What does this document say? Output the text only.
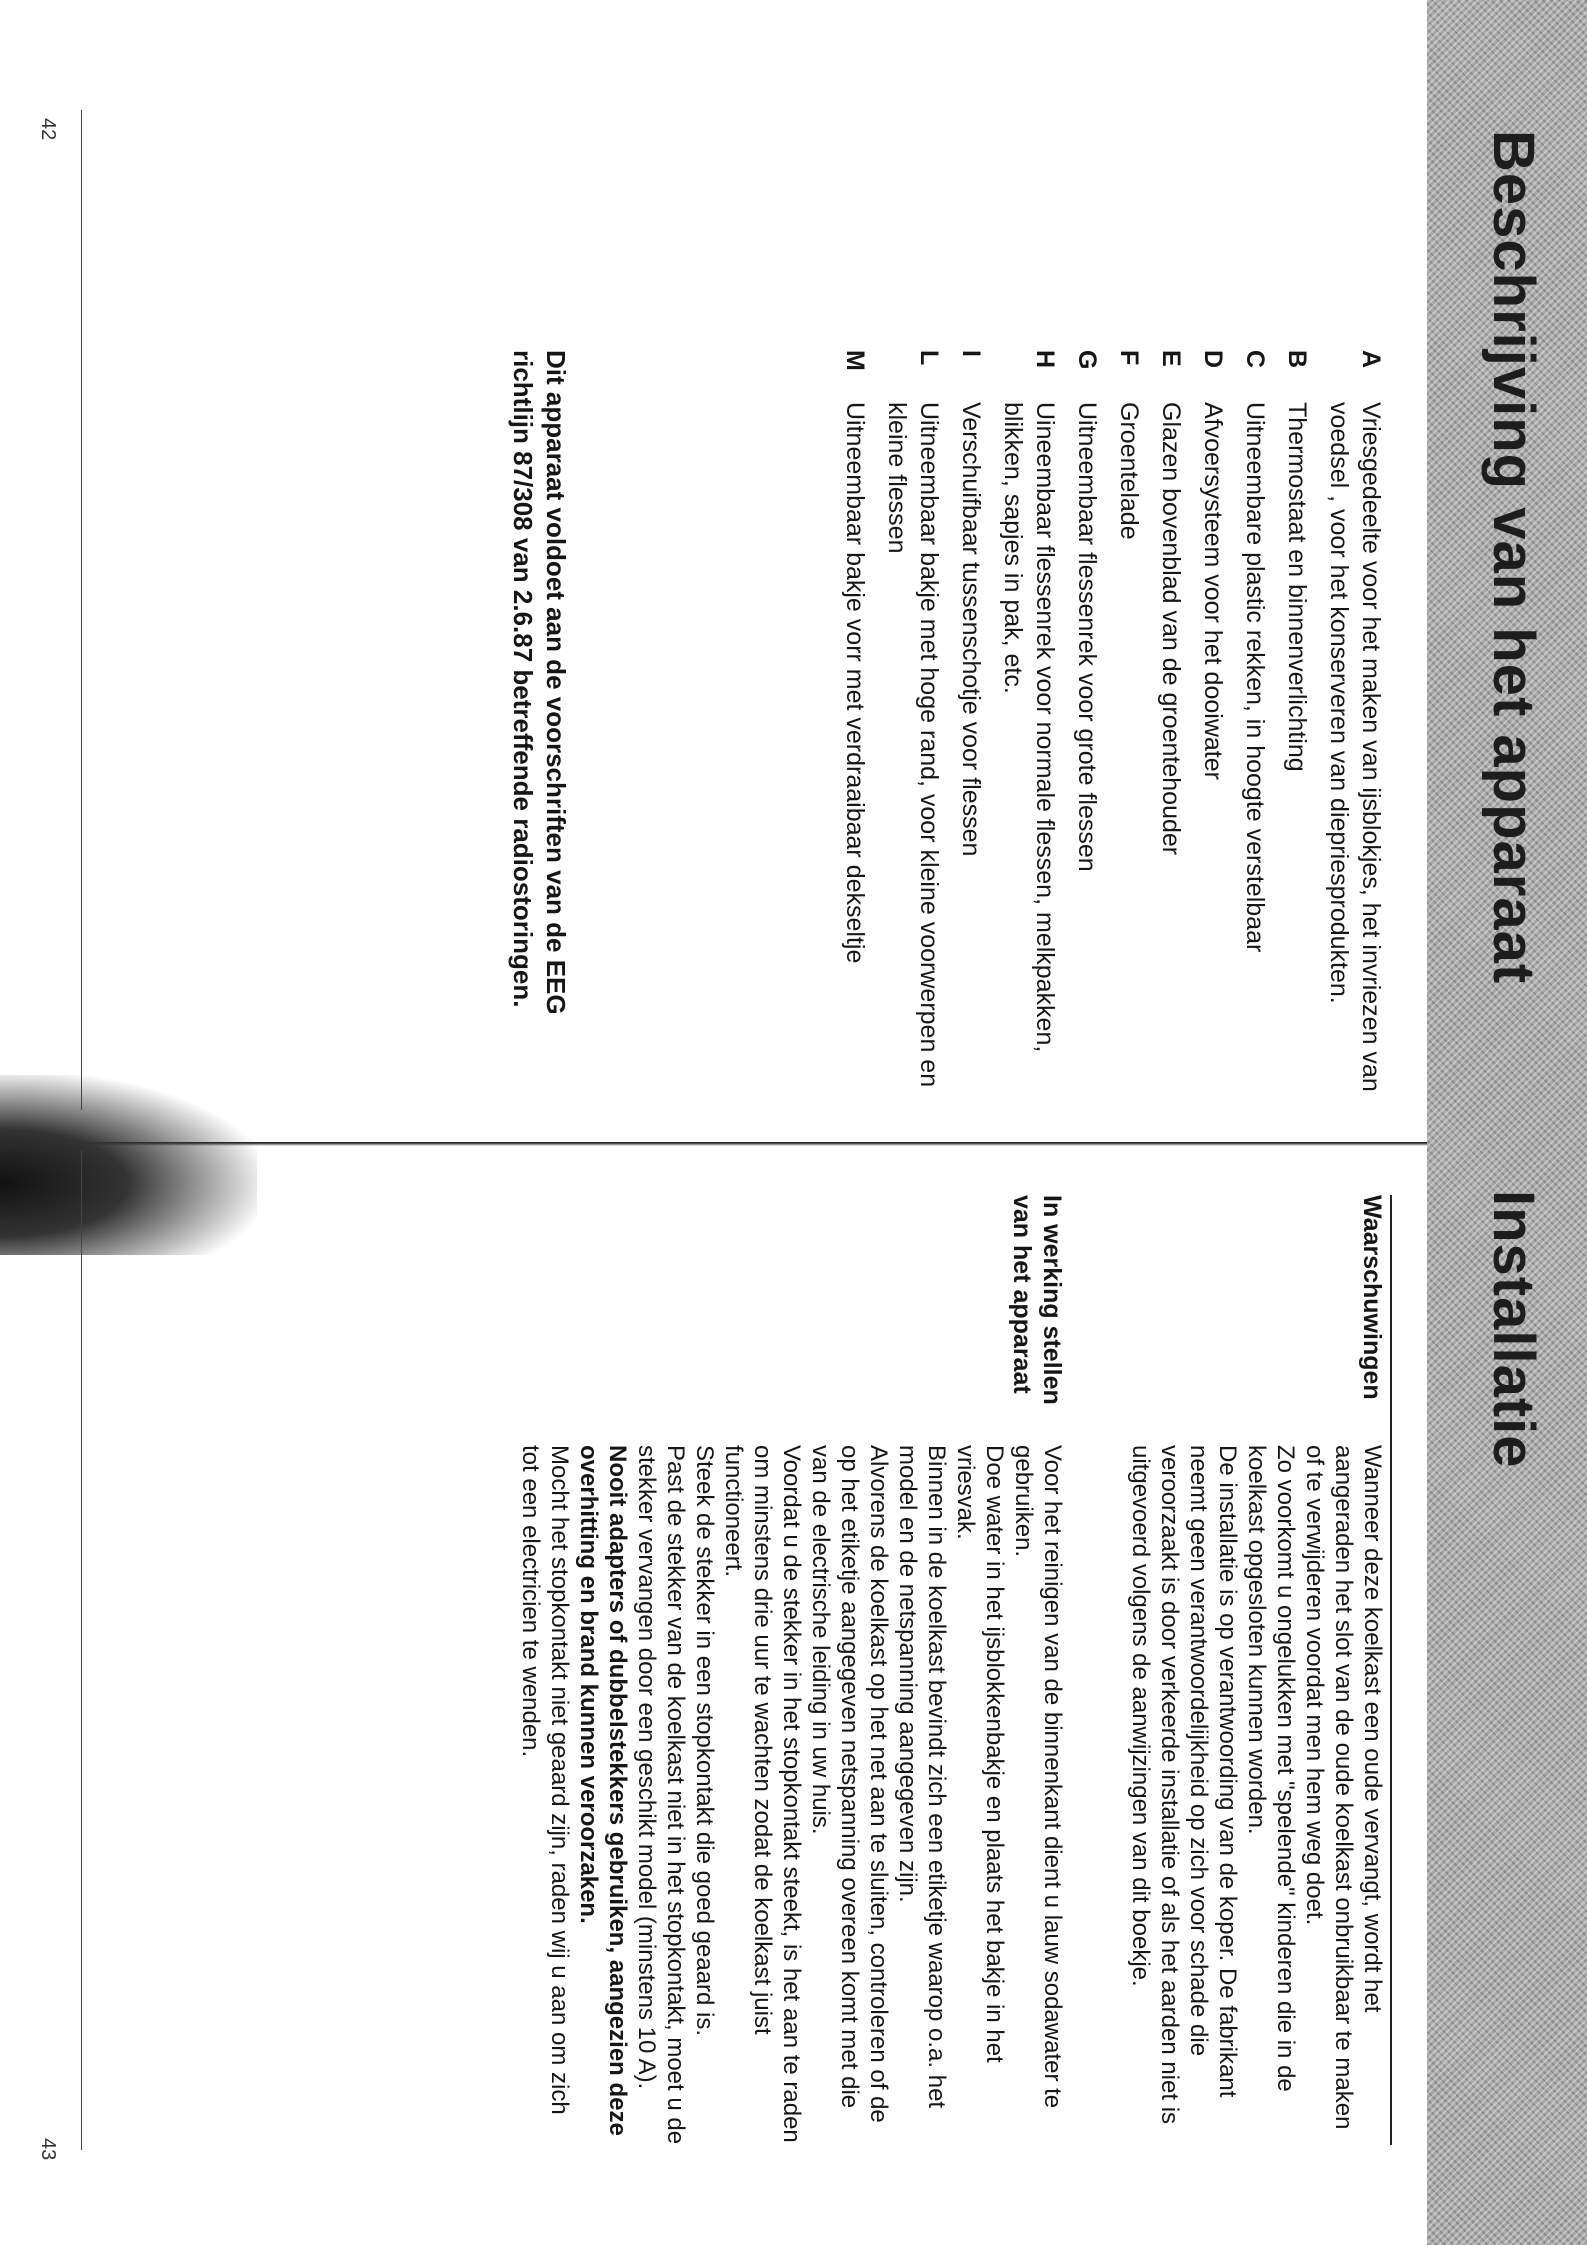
Beschrijving van het apparaat
Installatie
A
Vriesgedeelte voor het maken van ijsblokjes, het invriezen van voedsel , voor het konserveren van diepriesprodukten.
B
Thermostaat en binnenverlichting
C
Uitneembare plastic rekken, in hoogte verstelbaar
D
Afvoersysteem voor het dooiwater
E
Glazen bovenblad van de groentehouder
F
Groentelade
G
Uitneembaar flessenrek voor grote flessen
H
Uineembaar flessenrek voor normale flessen, melkpakken, blikken, sapjes in pak, etc.
I
Verschuifbaar tussenschotje voor flessen
L
Uitneembaar bakje met hoge rand, voor kleine voorwerpen en kleine flessen
M
Uitneembaar bakje vorr met verdraaibaar dekseltje
Dit apparaat voldoet aan de voorschriften van de EEG richtlijn 87/308 van 2.6.87 betreffende radiostoringen.
Waarschuwingen

Wanneer deze koelkast een oude vervangt, wordt het aangeraden het slot van de oude koelkast onbruikbaar te maken of te verwijderen voordat men hem weg doet.

Zo voorkomt u ongelukken met "spelende" kinderen die in de koelkast opgesloten kunnen worden.

De installatie is op verantwoording van de koper. De fabrikant neemt geen verantwoordelijkheid op zich voor schade die veroorzaakt is door verkeerde installatie of als het aarden niet is uitgevoerd volgens de aanwijzingen van dit boekje.

In werking stellen van het apparaat

Voor het reinigen van de binnenkant dient u lauw sodawater te gebruiken.

Doe water in het ijsblokkenbakje en plaats het bakje in het vriesvak.

Binnen in de koelkast bevindt zich een etiketje waarop o.a. het model en de netspanning aangegeven zijn.

Alvorens de koelkast op het net aan te sluiten, controleren of de op het etiketje aangegeven netspanning overeen komt met die van de electrische leiding in uw huis.

Voordat u de stekker in het stopkontakt steekt, is het aan te raden om minstens drie uur te wachten zodat de koelkast juist functioneert.

Steek de stekker in een stopkontakt die goed geaard is.

Past de stekker van de koelkast niet in het stopkontakt, moet u de stekker vervangen door een geschikt model (minstens 10 A).

Nooit adapters of dubbelstekkers gebruiken, aangezien deze overhitting en brand kunnen veroorzaken.

Mocht het stopkontakt niet geaard zijn, raden wij u aan om zich tot een electricien te wenden.

42
43
